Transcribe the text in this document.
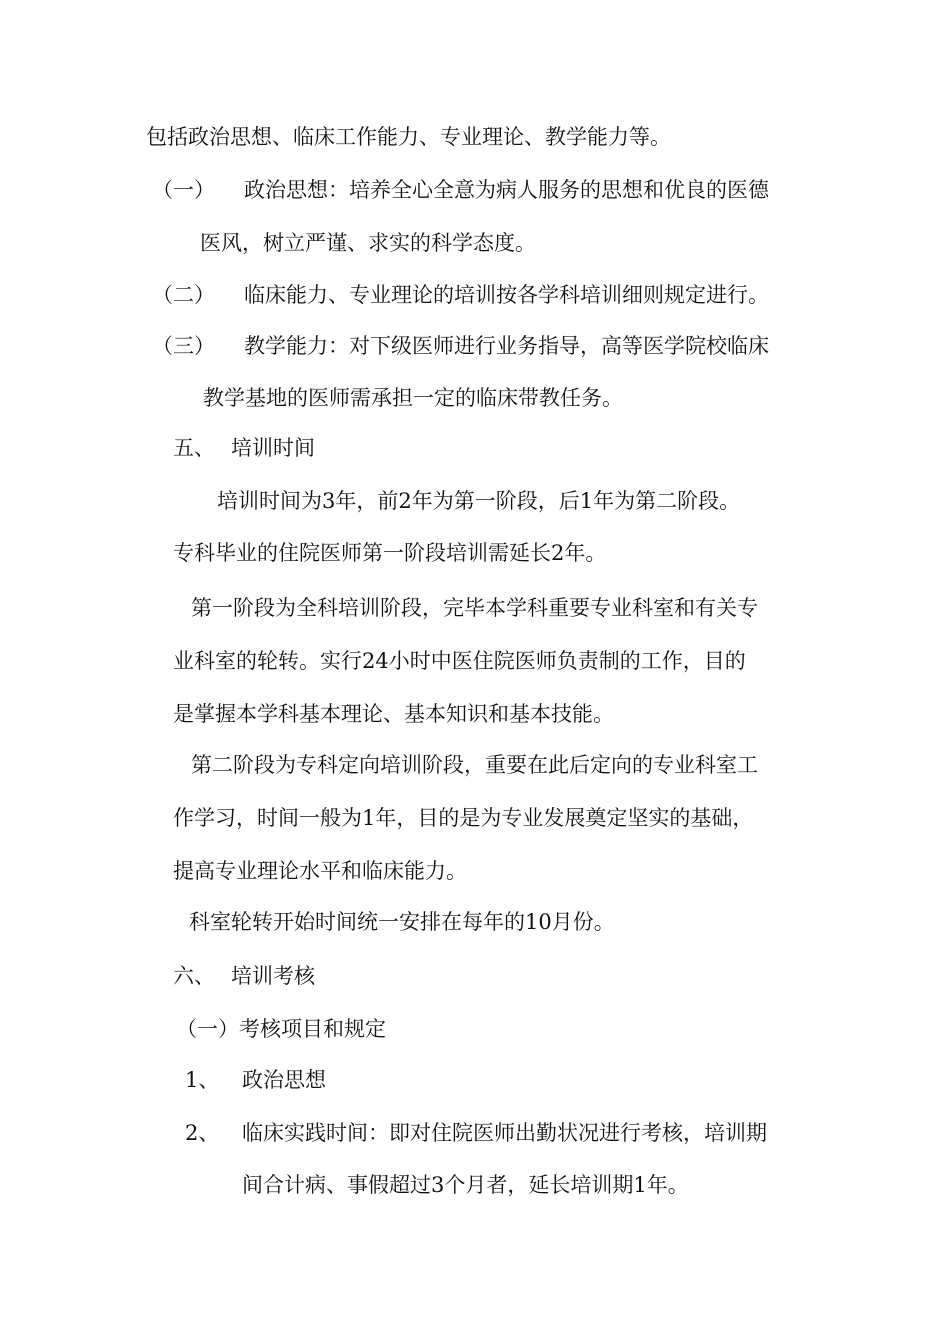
包括政治思想、临床工作能力、专业理论、教学能力等。
（一） 政治思想：培养全心全意为病人服务的思想和优良的医德
医风，树立严谨、求实的科学态度。
（二） 临床能力、专业理论的培训按各学科培训细则规定进行。
（三） 教学能力：对下级医师进行业务指导，高等医学院校临床
教学基地的医师需承担一定的临床带教任务。
五、 培训时间
培训时间为3年，前2年为第一阶段，后1年为第二阶段。
专科毕业的住院医师第一阶段培训需延长2年。
第一阶段为全科培训阶段，完毕本学科重要专业科室和有关专
业科室的轮转。实行24小时中医住院医师负责制的工作，目的
是掌握本学科基本理论、基本知识和基本技能。
第二阶段为专科定向培训阶段，重要在此后定向的专业科室工
作学习，时间一般为1年，目的是为专业发展奠定坚实的基础，
提高专业理论水平和临床能力。
科室轮转开始时间统一安排在每年的10月份。
六、 培训考核
（一）考核项目和规定
1、 政治思想
2、 临床实践时间：即对住院医师出勤状况进行考核，培训期
间合计病、事假超过3个月者，延长培训期1年。
